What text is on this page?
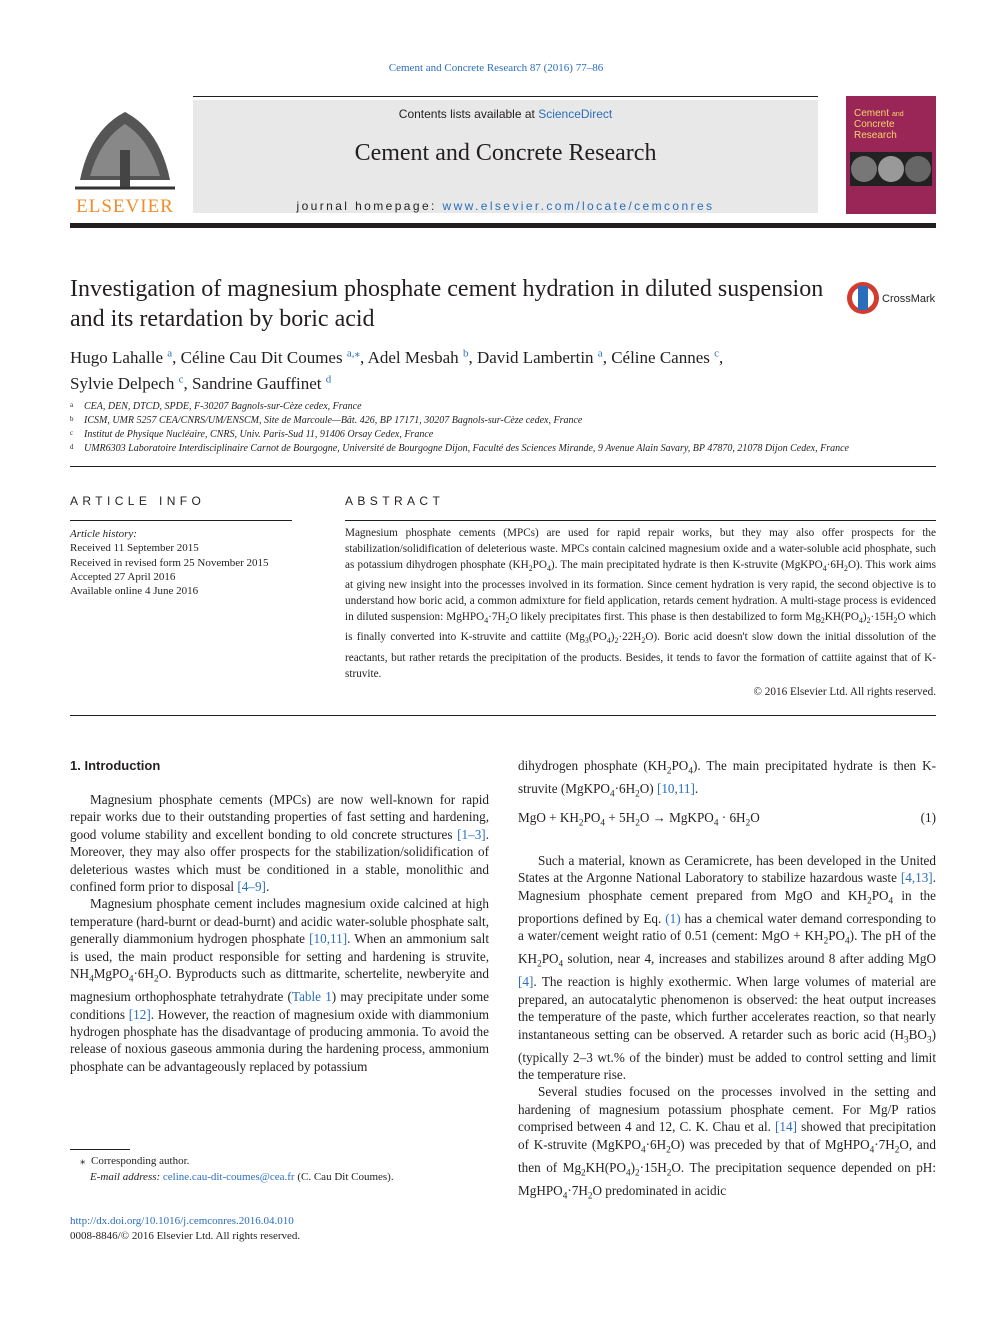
Cement and Concrete Research 87 (2016) 77–86
ELSEVIER
Contents lists available at ScienceDirect
Cement and Concrete Research
journal homepage: www.elsevier.com/locate/cemconres
Cement and
Concrete
Research
Investigation of magnesium phosphate cement hydration in diluted suspension and its retardation by boric acid
CrossMark
Hugo Lahalle $^a$, Céline Cau Dit Coumes $^{a,⁎}$, Adel Mesbah $^b$, David Lambertin $^a$, Céline Cannes $^c$,
Sylvie Delpech $^c$, Sandrine Gauffinet $^d$
a CEA, DEN, DTCD, SPDE, F-30207 Bagnols-sur-Cèze cedex, France
b ICSM, UMR 5257 CEA/CNRS/UM/ENSCM, Site de Marcoule—Bât. 426, BP 17171, 30207 Bagnols-sur-Cèze cedex, France
c Institut de Physique Nucléaire, CNRS, Univ. Paris-Sud 11, 91406 Orsay Cedex, France
d UMR6303 Laboratoire Interdisciplinaire Carnot de Bourgogne, Université de Bourgogne Dijon, Faculté des Sciences Mirande, 9 Avenue Alain Savary, BP 47870, 21078 Dijon Cedex, France
ARTICLE INFO
Article history:
Received 11 September 2015
Received in revised form 25 November 2015
Accepted 27 April 2016
Available online 4 June 2016
ABSTRACT
Magnesium phosphate cements (MPCs) are used for rapid repair works, but they may also offer prospects for the stabilization/solidification of deleterious waste. MPCs contain calcined magnesium oxide and a water-soluble acid phosphate, such as potassium dihydrogen phosphate $(KH_2PO_4)$. The main precipitated hydrate is then K-struvite $(MgKPO_4\cdot 6H_2O)$. This work aims at giving new insight into the processes involved in its formation. Since cement hydration is very rapid, the second objective is to understand how boric acid, a common admixture for field application, retards cement hydration. A multi-stage process is evidenced in diluted suspension: $MgHPO_4\cdot 7H_2O$ likely precipitates first. This phase is then destabilized to form $Mg_2KH(PO_4)_2\cdot 15H_2O$ which is finally converted into K-struvite and cattiite $(Mg_3(PO_4)_2\cdot 22H_2O)$. Boric acid doesn't slow down the initial dissolution of the reactants, but rather retards the precipitation of the products. Besides, it tends to favor the formation of cattiite against that of K-struvite.
© 2016 Elsevier Ltd. All rights reserved.
1. Introduction

Magnesium phosphate cements (MPCs) are now well-known for rapid repair works due to their outstanding properties of fast setting and hardening, good volume stability and excellent bonding to old concrete structures [1–3]. Moreover, they may also offer prospects for the stabilization/solidification of deleterious wastes which must be conditioned in a stable, monolithic and confined form prior to disposal [4–9].

Magnesium phosphate cement includes magnesium oxide calcined at high temperature (hard-burnt or dead-burnt) and acidic water-soluble phosphate salt, generally diammonium hydrogen phosphate [10,11]. When an ammonium salt is used, the main product responsible for setting and hardening is struvite, $NH_4MgPO_4\cdot 6H_2O$. Byproducts such as dittmarite, schertelite, newberyite and magnesium orthophosphate tetrahydrate (Table 1) may precipitate under some conditions [12]. However, the reaction of magnesium oxide with diammonium hydrogen phosphate has the disadvantage of producing ammonia. To avoid the release of noxious gaseous ammonia during the hardening process, ammonium phosphate can be advantageously replaced by potassium

dihydrogen phosphate $(KH_2PO_4)$. The main precipitated hydrate is then K-struvite $(MgKPO_4\cdot 6H_2O)$ [10,11].
MgO + $KH_2PO_4 + 5H_2O$ → MgKPO$_4$ · $6H_2O$	(1)

Such a material, known as Ceramicrete, has been developed in the United States at the Argonne National Laboratory to stabilize hazardous waste [4,13]. Magnesium phosphate cement prepared from MgO and $KH_2PO_4$ in the proportions defined by Eq. (1) has a chemical water demand corresponding to a water/cement weight ratio of 0.51 (cement: MgO + $KH_2PO_4$). The pH of the $KH_2PO_4$ solution, near 4, increases and stabilizes around 8 after adding MgO [4]. The reaction is highly exothermic. When large volumes of material are prepared, an autocatalytic phenomenon is observed: the heat output increases the temperature of the paste, which further accelerates reaction, so that nearly instantaneous setting can be observed. A retarder such as boric acid $(H_3BO_3)$ (typically 2–3 wt.% of the binder) must be added to control setting and limit the temperature rise.

Several studies focused on the processes involved in the setting and hardening of magnesium potassium phosphate cement. For Mg/P ratios comprised between 4 and 12, C. K. Chau et al. [14] showed that precipitation of K-struvite $(MgKPO_4\cdot 6H_2O)$ was preceded by that of $MgHPO_4\cdot 7H_2O$, and then of $Mg_2KH(PO_4)_2\cdot 15H_2O$. The precipitation sequence depended on pH: $MgHPO_4\cdot 7H_2O$ predominated in acidic

⁎  Corresponding author.
E-mail address: celine.cau-dit-coumes@cea.fr (C. Cau Dit Coumes).
http://dx.doi.org/10.1016/j.cemconres.2016.04.010
0008-8846/© 2016 Elsevier Ltd. All rights reserved.
